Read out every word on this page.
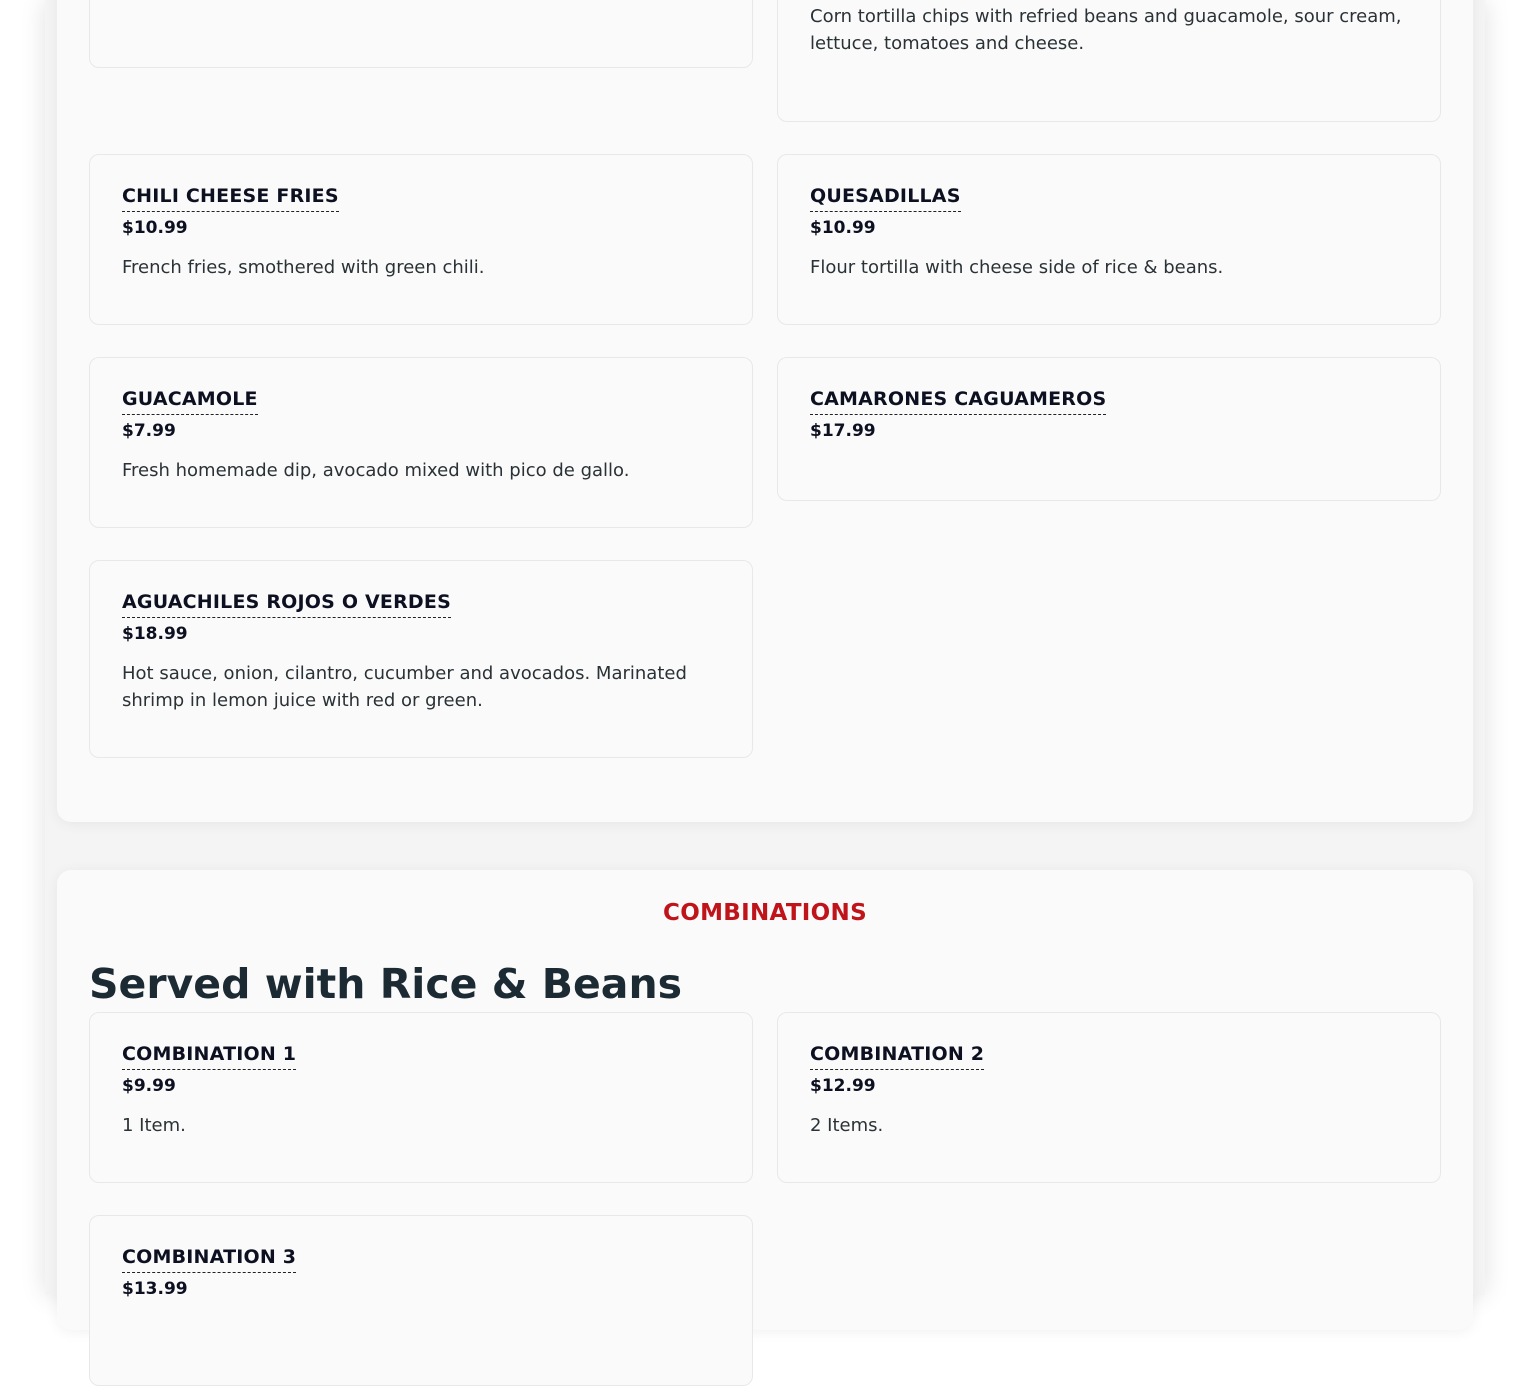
Corn tortilla chips with refried beans and guacamole, sour cream, lettuce, tomatoes and cheese.
CHILI CHEESE FRIES
$10.99
French fries, smothered with green chili.
QUESADILLAS
$10.99
Flour tortilla with cheese side of rice & beans.
GUACAMOLE
$7.99
Fresh homemade dip, avocado mixed with pico de gallo.
CAMARONES CAGUAMEROS
$17.99
AGUACHILES ROJOS O VERDES
$18.99
Hot sauce, onion, cilantro, cucumber and avocados. Marinated shrimp in lemon juice with red or green.
COMBINATIONS
Served with Rice & Beans
COMBINATION 1
$9.99
1 Item.
COMBINATION 2
$12.99
2 Items.
COMBINATION 3
$13.99
